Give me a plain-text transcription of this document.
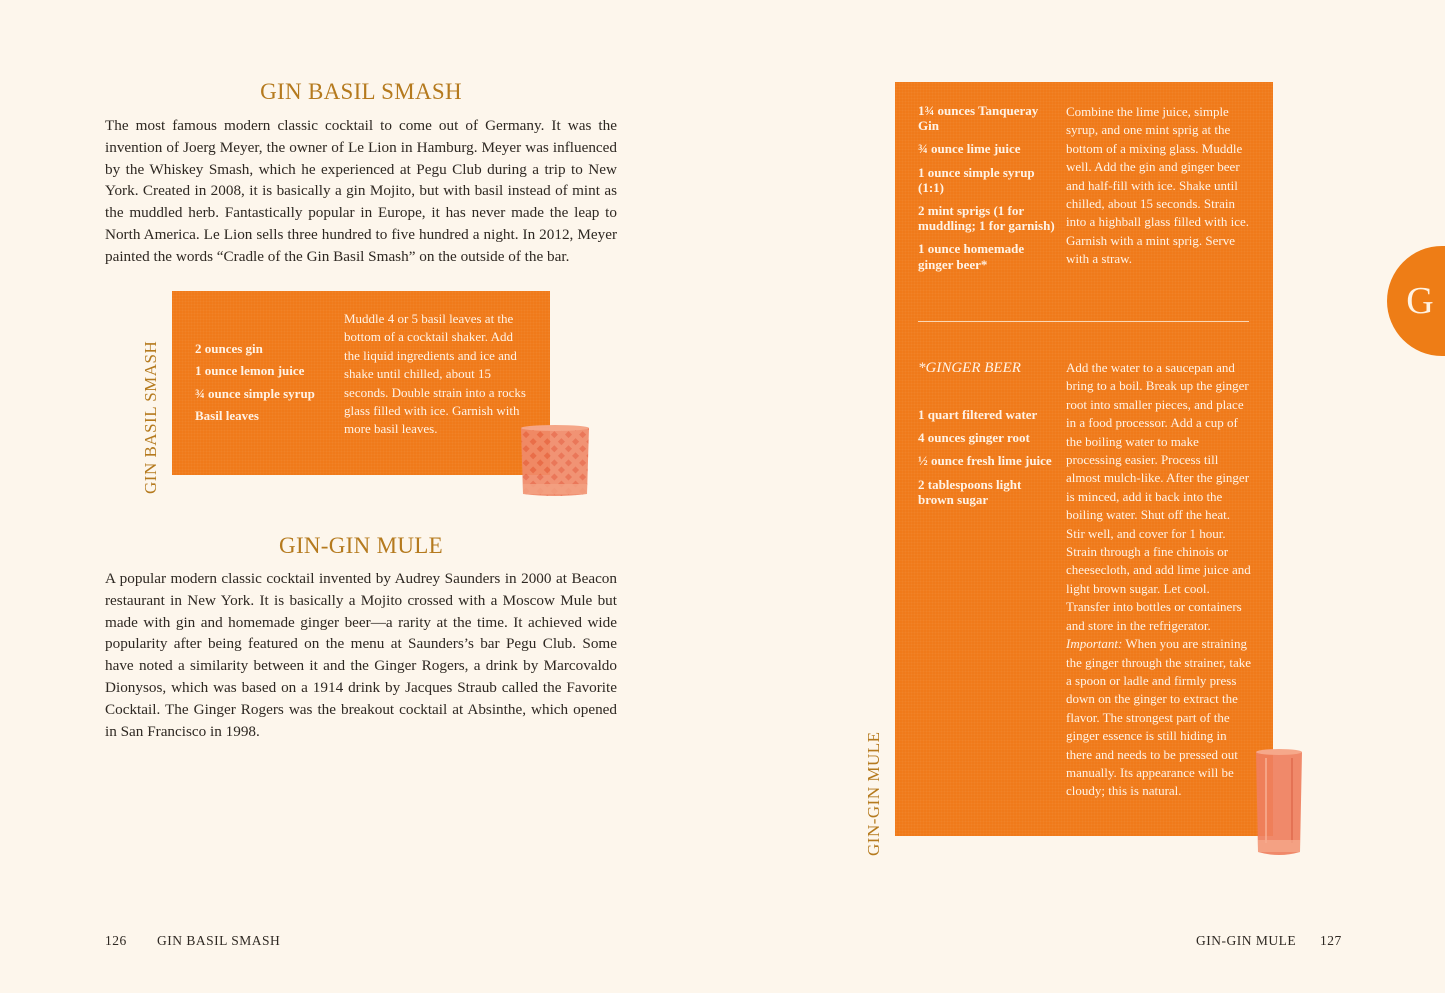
GIN BASIL SMASH
The most famous modern classic cocktail to come out of Germany. It was the invention of Joerg Meyer, the owner of Le Lion in Hamburg. Meyer was influenced by the Whiskey Smash, which he experienced at Pegu Club during a trip to New York. Created in 2008, it is basically a gin Mojito, but with basil instead of mint as the muddled herb. Fantastically popular in Europe, it has never made the leap to North America. Le Lion sells three hundred to five hundred a night. In 2012, Meyer painted the words “Cradle of the Gin Basil Smash” on the outside of the bar.
GIN BASIL SMASH	2 ounces gin
1 ounce lemon juice
¾ ounce simple syrup
Basil leaves
Muddle 4 or 5 basil leaves at the bottom of a cocktail shaker. Add the liquid ingredients and ice and shake until chilled, about 15 seconds. Double strain into a rocks glass filled with ice. Garnish with more basil leaves.
GIN-GIN MULE
A popular modern classic cocktail invented by Audrey Saunders in 2000 at Beacon restaurant in New York. It is basically a Mojito crossed with a Moscow Mule but made with gin and homemade ginger beer—a rarity at the time. It achieved wide popularity after being featured on the menu at Saunders’s bar Pegu Club. Some have noted a similarity between it and the Ginger Rogers, a drink by Marcovaldo Dionysos, which was based on a 1914 drink by Jacques Straub called the Favorite Cocktail. The Ginger Rogers was the breakout cocktail at Absinthe, which opened in San Francisco in 1998.
126 GIN BASIL SMASH
1¾ ounces Tanqueray Gin
¾ ounce lime juice
1 ounce simple syrup (1:1)
2 mint sprigs (1 for muddling; 1 for garnish)
1 ounce homemade ginger beer*
Combine the lime juice, simple syrup, and one mint sprig at the bottom of a mixing glass. Muddle well. Add the gin and ginger beer and half-fill with ice. Shake until chilled, about 15 seconds. Strain into a highball glass filled with ice. Garnish with a mint sprig. Serve with a straw.
*GINGER BEER
1 quart filtered water
4 ounces ginger root
½ ounce fresh lime juice
2 tablespoons light brown sugar
Add the water to a saucepan and bring to a boil. Break up the ginger root into smaller pieces, and place in a food processor. Add a cup of the boiling water to make processing easier. Process till almost mulch-like. After the ginger is minced, add it back into the boiling water. Shut off the heat. Stir well, and cover for 1 hour. Strain through a fine chinois or cheesecloth, and add lime juice and light brown sugar. Let cool. Transfer into bottles or containers and store in the refrigerator. Important: When you are straining the ginger through the strainer, take a spoon or ladle and firmly press down on the ginger to extract the flavor. The strongest part of the ginger essence is still hiding in there and needs to be pressed out manually. Its appearance will be cloudy; this is natural.
GIN-GIN MULE
G
GIN-GIN MULE 127
